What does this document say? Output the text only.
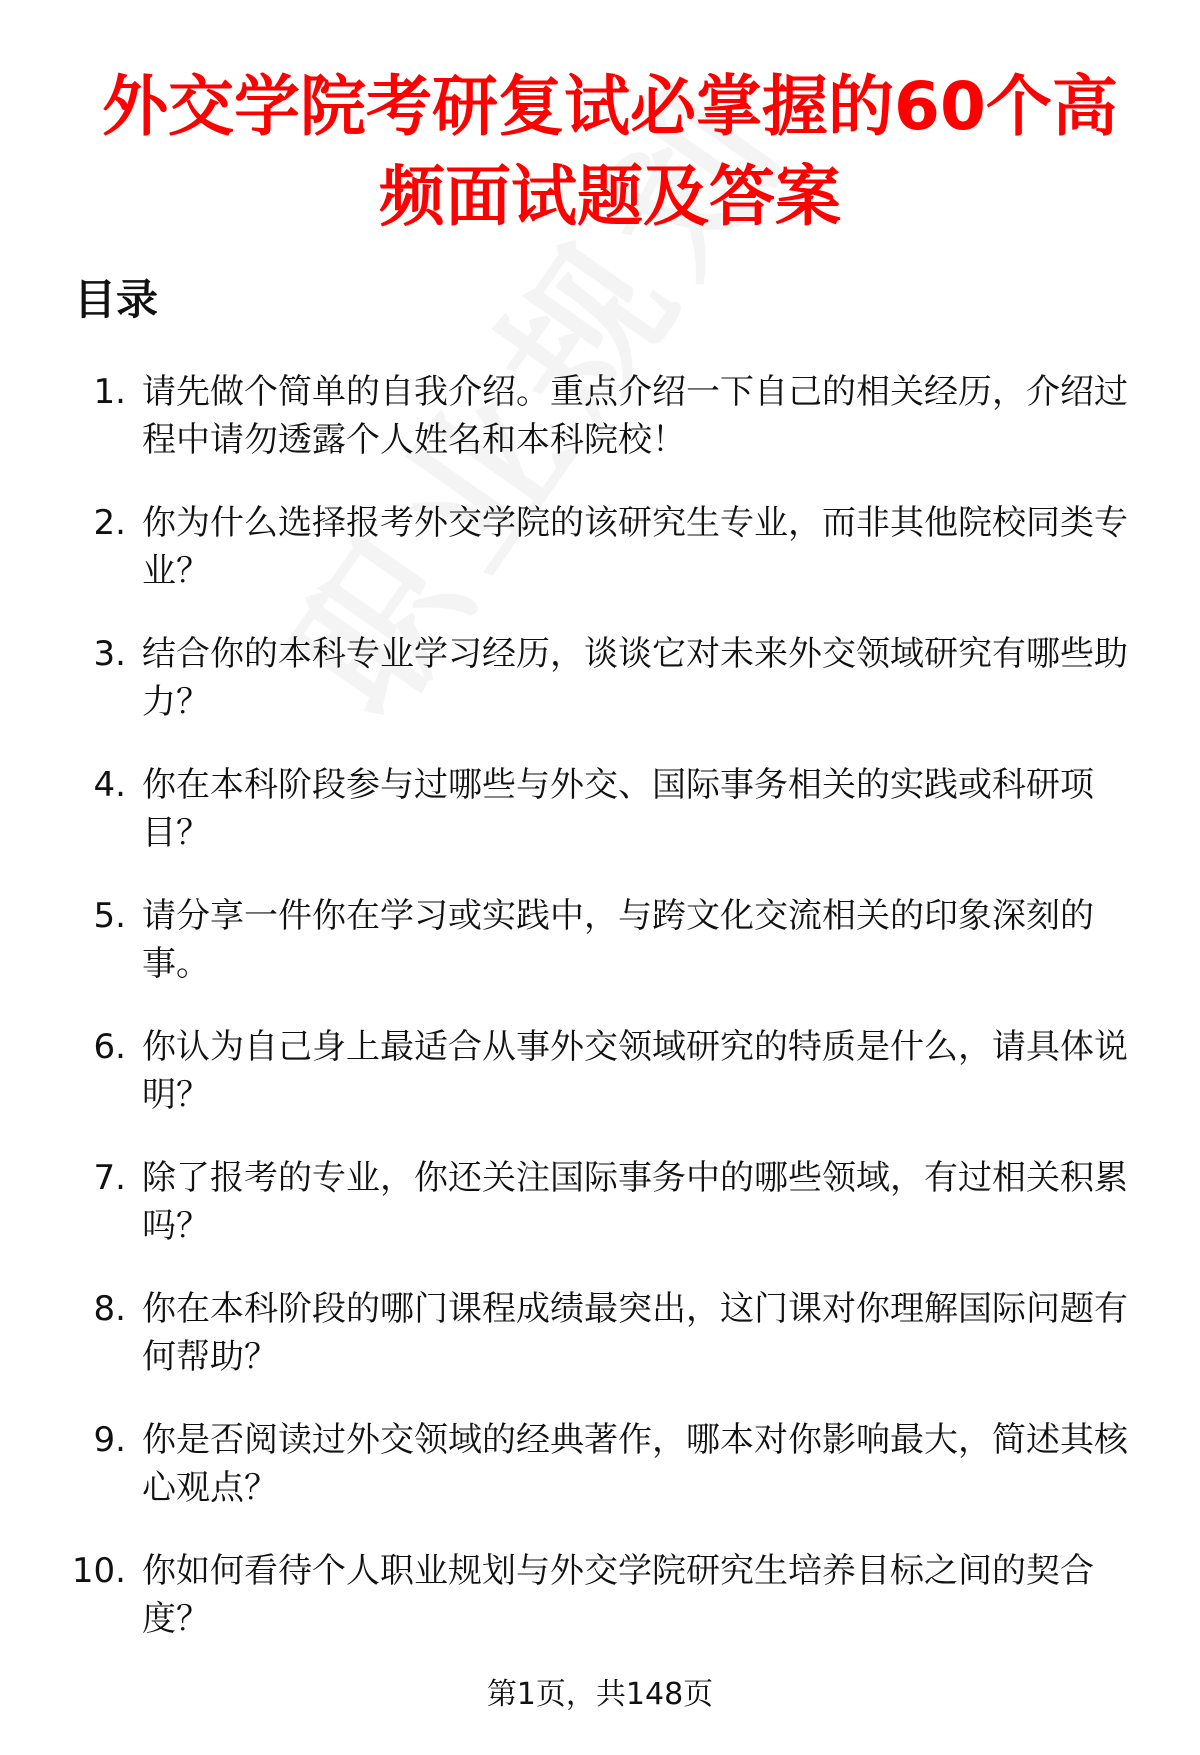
外交学院考研复试必掌握的60个高频面试题及答案
目录
1. 请先做个简单的自我介绍。重点介绍一下自己的相关经历，介绍过程中请勿透露个人姓名和本科院校！
2. 你为什么选择报考外交学院的该研究生专业，而非其他院校同类专业？
3. 结合你的本科专业学习经历，谈谈它对未来外交领域研究有哪些助力？
4. 你在本科阶段参与过哪些与外交、国际事务相关的实践或科研项目？
5. 请分享一件你在学习或实践中，与跨文化交流相关的印象深刻的事。
6. 你认为自己身上最适合从事外交领域研究的特质是什么，请具体说明？
7. 除了报考的专业，你还关注国际事务中的哪些领域，有过相关积累吗？
8. 你在本科阶段的哪门课程成绩最突出，这门课对你理解国际问题有何帮助？
9. 你是否阅读过外交领域的经典著作，哪本对你影响最大，简述其核心观点？
10. 你如何看待个人职业规划与外交学院研究生培养目标之间的契合度？
第1页，共148页
